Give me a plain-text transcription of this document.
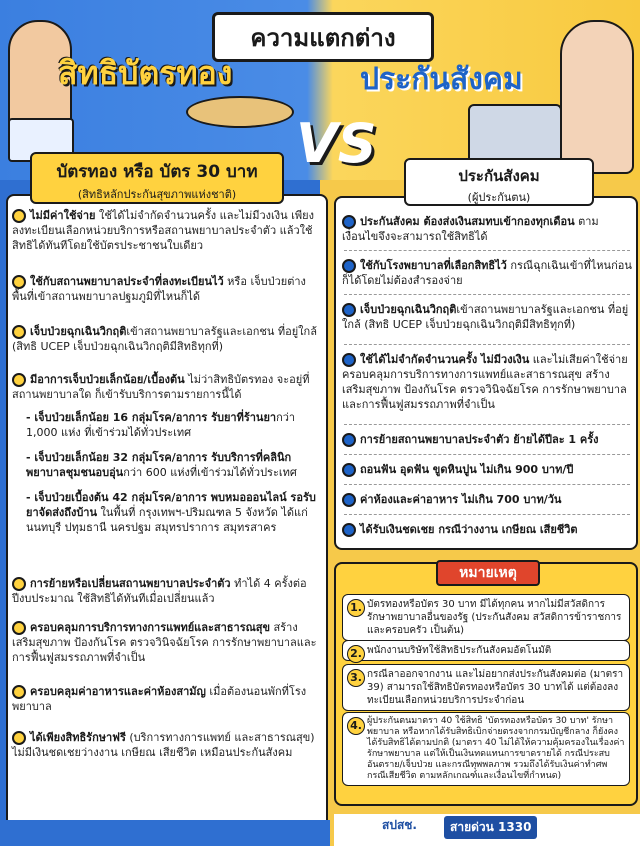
ความแตกต่าง
สิทธิบัตรทอง	ประกันสังคม
VS
ไม่มีค่าใช้จ่าย ใช้ได้ไม่จำกัดจำนวนครั้ง และไม่มีวงเงิน เพียงลงทะเบียนเลือกหน่วยบริการหรือสถานพยาบาลประจำตัว แล้วใช้สิทธิได้ทันทีโดยใช้บัตรประชาชนใบเดียว
ใช้กับสถานพยาบาลประจำที่ลงทะเบียนไว้ หรือ เจ็บป่วยต่างพื้นที่เข้าสถานพยาบาลปฐมภูมิที่ไหนก็ได้
เจ็บป่วยฉุกเฉินวิกฤติเข้าสถานพยาบาลรัฐและเอกชน ที่อยู่ใกล้ (สิทธิ UCEP เจ็บป่วยฉุกเฉินวิกฤติมีสิทธิทุกที่)
มีอาการเจ็บป่วยเล็กน้อย/เบื้องต้น ไม่ว่าสิทธิบัตรทอง จะอยู่ที่สถานพยาบาลใด ก็เข้ารับบริการตามรายการนี้ได้
- เจ็บป่วยเล็กน้อย 16 กลุ่มโรค/อาการ รับยาที่ร้านยากว่า 1,000 แห่ง ที่เข้าร่วมได้ทั่วประเทศ
- เจ็บป่วยเล็กน้อย 32 กลุ่มโรค/อาการ รับบริการที่คลินิก พยาบาลชุมชนอบอุ่นกว่า 600 แห่งที่เข้าร่วมได้ทั่วประเทศ
- เจ็บป่วยเบื้องต้น 42 กลุ่มโรค/อาการ พบหมอออนไลน์ รอรับยาจัดส่งถึงบ้าน ในพื้นที่ กรุงเทพฯ-ปริมณฑล 5 จังหวัด ได้แก่ นนทบุรี ปทุมธานี นครปฐม สมุทรปราการ สมุทรสาคร
การย้ายหรือเปลี่ยนสถานพยาบาลประจำตัว ทำได้ 4 ครั้งต่อปีงบประมาณ ใช้สิทธิได้ทันทีเมื่อเปลี่ยนแล้ว
ครอบคลุมการบริการทางการแพทย์และสาธารณสุข สร้างเสริมสุขภาพ ป้องกันโรค ตรวจวินิจฉัยโรค การรักษาพยาบาลและการฟื้นฟูสมรรถภาพที่จำเป็น
ครอบคลุมค่าอาหารและค่าห้องสามัญ เมื่อต้องนอนพักที่โรงพยาบาล
ได้เพียงสิทธิรักษาฟรี (บริการทางการแพทย์ และสาธารณสุข) ไม่มีเงินชดเชยว่างงาน เกษียณ เสียชีวิต เหมือนประกันสังคม
บัตรทอง หรือ บัตร 30 บาท
(สิทธิหลักประกันสุขภาพแห่งชาติ)
ประกันสังคม ต้องส่งเงินสมทบเข้ากองทุกเดือน ตามเงื่อนไขจึงจะสามารถใช้สิทธิได้
ใช้กับโรงพยาบาลที่เลือกสิทธิไว้ กรณีฉุกเฉินเข้าที่ไหนก่อนก็ได้โดยไม่ต้องสำรองจ่าย
เจ็บป่วยฉุกเฉินวิกฤติเข้าสถานพยาบาลรัฐและเอกชน ที่อยู่ใกล้ (สิทธิ UCEP เจ็บป่วยฉุกเฉินวิกฤติมีสิทธิทุกที่)
ใช้ได้ไม่จำกัดจำนวนครั้ง ไม่มีวงเงิน และไม่เสียค่าใช้จ่าย ครอบคลุมการบริการทางการแพทย์และสาธารณสุข สร้างเสริมสุขภาพ ป้องกันโรค ตรวจวินิจฉัยโรค การรักษาพยาบาล และการฟื้นฟูสมรรถภาพที่จำเป็น
การย้ายสถานพยาบาลประจำตัว ย้ายได้ปีละ 1 ครั้ง
ถอนฟัน อุดฟัน ขูดหินปูน ไม่เกิน 900 บาท/ปี
ค่าห้องและค่าอาหาร ไม่เกิน 700 บาท/วัน
ได้รับเงินชดเชย กรณีว่างงาน เกษียณ เสียชีวิต
ประกันสังคม
(ผู้ประกันตน)
หมายเหตุ
1. บัตรทองหรือบัตร 30 บาท มีได้ทุกคน หากไม่มีสวัสดิการรักษาพยาบาลอื่นของรัฐ (ประกันสังคม สวัสดิการข้าราชการและครอบครัว เป็นต้น)
2. พนักงานบริษัทใช้สิทธิประกันสังคมอัตโนมัติ
3. กรณีลาออกจากงาน และไม่อยากส่งประกันสังคมต่อ (มาตรา 39) สามารถใช้สิทธิบัตรทองหรือบัตร 30 บาทได้ แต่ต้องลงทะเบียนเลือกหน่วยบริการประจำก่อน
4. ผู้ประกันตนมาตรา 40 ใช้สิทธิ 'บัตรทองหรือบัตร 30 บาท' รักษาพยาบาล หรือหากได้รับสิทธิเบิกจ่ายตรงจากกรมบัญชีกลาง ก็ยังคงได้รับสิทธิได้ตามปกติ (มาตรา 40 ไม่ได้ให้ความคุ้มครองในเรื่องค่ารักษาพยาบาล แต่ให้เป็นเงินทดแทนการขาดรายได้ กรณีประสบอันตราย/เจ็บป่วย และกรณีทุพพลภาพ รวมถึงได้รับเงินค่าทำศพ กรณีเสียชีวิต ตามหลักเกณฑ์และเงื่อนไขที่กำหนด)
สปสช.	สายด่วน 1330
